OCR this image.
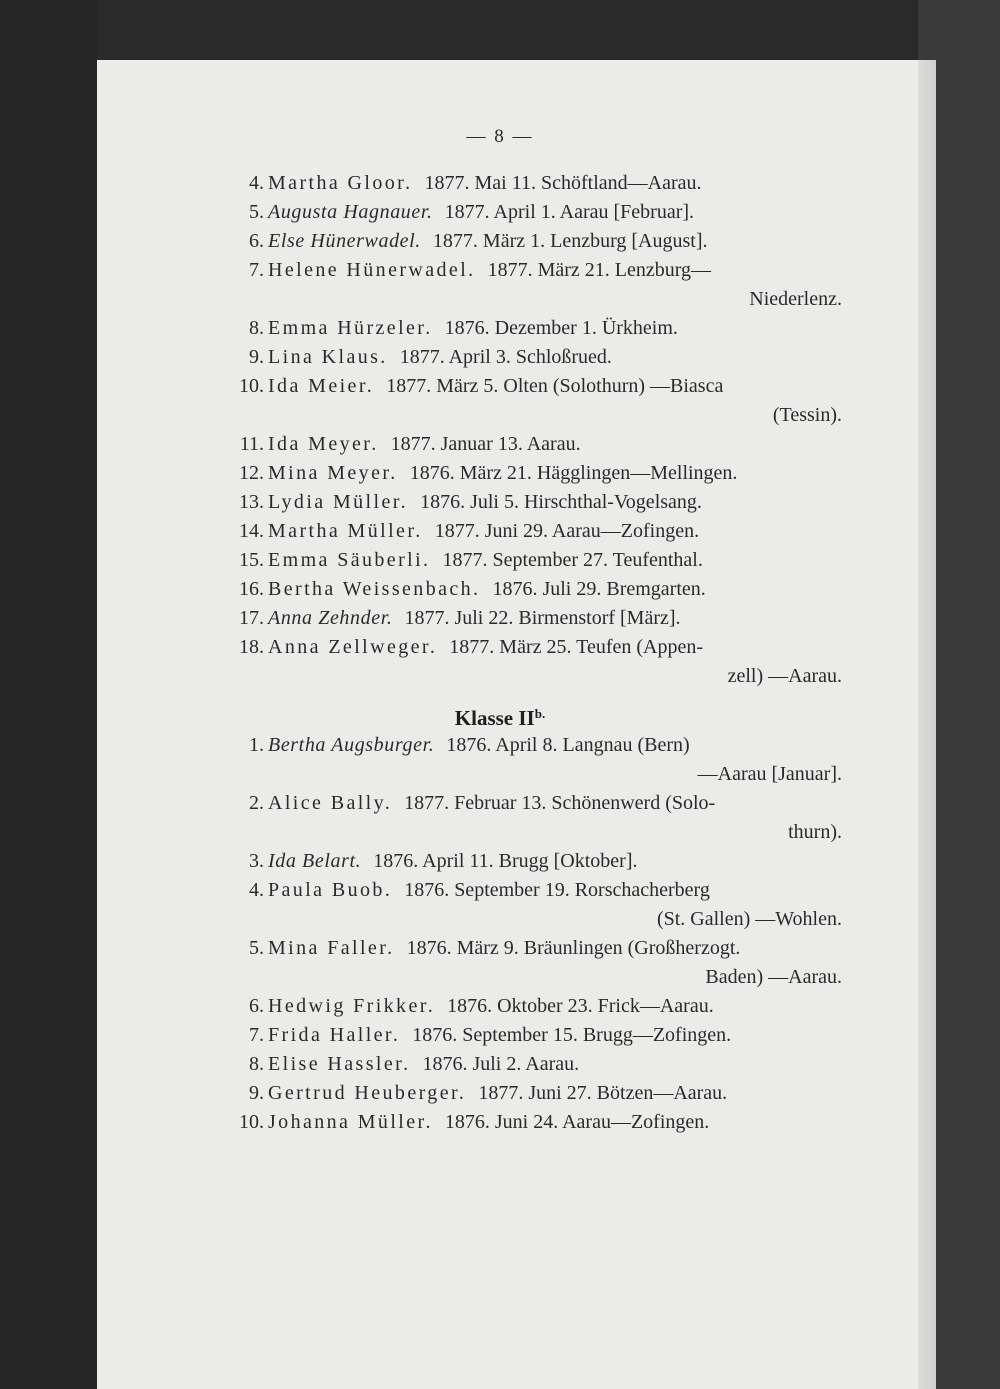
— 8 —
4. Martha Gloor. 1877. Mai 11. Schöftland—Aarau.
5. Augusta Hagnauer. 1877. April 1. Aarau [Februar].
6. Else Hünerwadel. 1877. März 1. Lenzburg [August].
7. Helene Hünerwadel. 1877. März 21. Lenzburg—
Niederlenz.
8. Emma Hürzeler. 1876. Dezember 1. Ürkheim.
9. Lina Klaus. 1877. April 3. Schloßrued.
10. Ida Meier. 1877. März 5. Olten (Solothurn) —Biasca
(Tessin).
11. Ida Meyer. 1877. Januar 13. Aarau.
12. Mina Meyer. 1876. März 21. Hägglingen—Mellingen.
13. Lydia Müller. 1876. Juli 5. Hirschthal-Vogelsang.
14. Martha Müller. 1877. Juni 29. Aarau—Zofingen.
15. Emma Säuberli. 1877. September 27. Teufenthal.
16. Bertha Weissenbach. 1876. Juli 29. Bremgarten.
17. Anna Zehnder. 1877. Juli 22. Birmenstorf [März].
18. Anna Zellweger. 1877. März 25. Teufen (Appen-
zell) —Aarau.
Klasse $II^{b.}$
1. Bertha Augsburger. 1876. April 8. Langnau (Bern)
—Aarau [Januar].
2. Alice Bally. 1877. Februar 13. Schönenwerd (Solo-
thurn).
3. Ida Belart. 1876. April 11. Brugg [Oktober].
4. Paula Buob. 1876. September 19. Rorschacherberg
(St. Gallen) —Wohlen.
5. Mina Faller. 1876. März 9. Bräunlingen (Großherzogt.
Baden) —Aarau.
6. Hedwig Frikker. 1876. Oktober 23. Frick—Aarau.
7. Frida Haller. 1876. September 15. Brugg—Zofingen.
8. Elise Hassler. 1876. Juli 2. Aarau.
9. Gertrud Heuberger. 1877. Juni 27. Bötzen—Aarau.
10. Johanna Müller. 1876. Juni 24. Aarau—Zofingen.
